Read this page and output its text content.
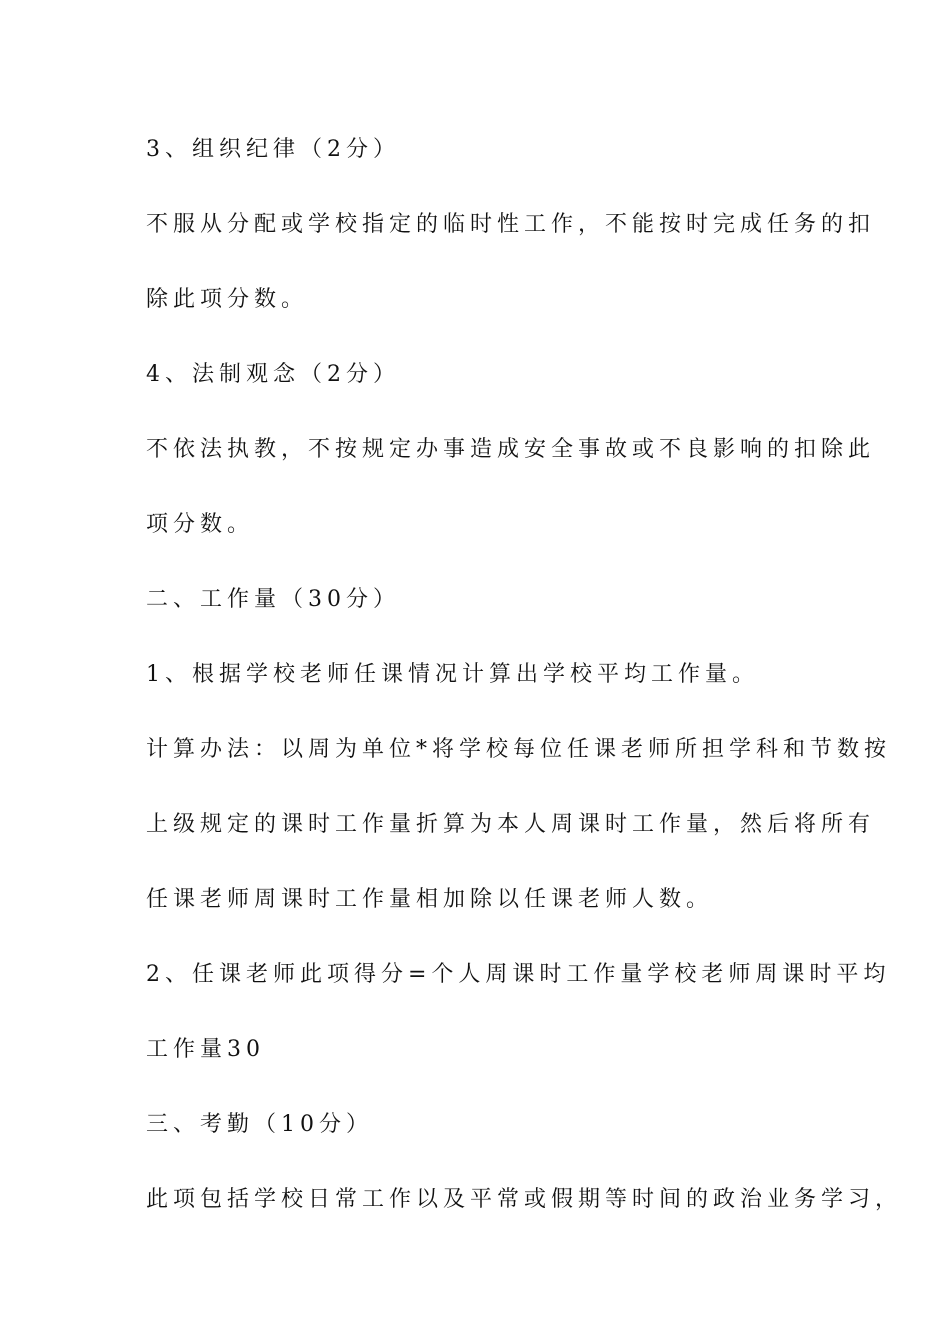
3、组织纪律（2分）

不服从分配或学校指定的临时性工作，不能按时完成任务的扣

除此项分数。

4、法制观念（2分）

不依法执教，不按规定办事造成安全事故或不良影响的扣除此

项分数。

二、工作量（30分）

1、根据学校老师任课情况计算出学校平均工作量。

计算办法：以周为单位*将学校每位任课老师所担学科和节数按

上级规定的课时工作量折算为本人周课时工作量，然后将所有

任课老师周课时工作量相加除以任课老师人数。

2、任课老师此项得分=个人周课时工作量学校老师周课时平均

工作量30

三、考勤（10分）

此项包括学校日常工作以及平常或假期等时间的政治业务学习，
